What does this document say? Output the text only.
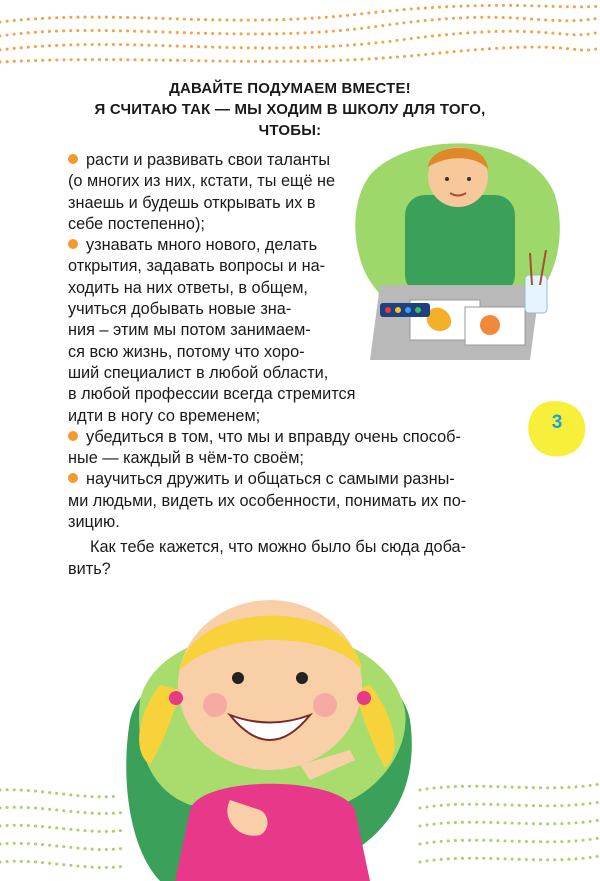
ДАВАЙТЕ ПОДУМАЕМ ВМЕСТЕ!
Я СЧИТАЮ ТАК — МЫ ХОДИМ В ШКОЛУ ДЛЯ ТОГО,
ЧТОБЫ:
расти и развивать свои таланты
(о многих из них, кстати, ты ещё не
знаешь и будешь открывать их в
себе постепенно);
узнавать много нового, делать
открытия, задавать вопросы и на-
ходить на них ответы, в общем,
учиться добывать новые зна-
ния – этим мы потом занимаем-
ся всю жизнь, потому что хоро-
ший специалист в любой области,
в любой профессии всегда стремится
идти в ногу со временем;
убедиться в том, что мы и вправду очень способ-
ные — каждый в чём-то своём;
научиться дружить и общаться с самыми разны-
ми людьми, видеть их особенности, понимать их по-
зицию.
Как тебе кажется, что можно было бы сюда доба-
вить?
3
